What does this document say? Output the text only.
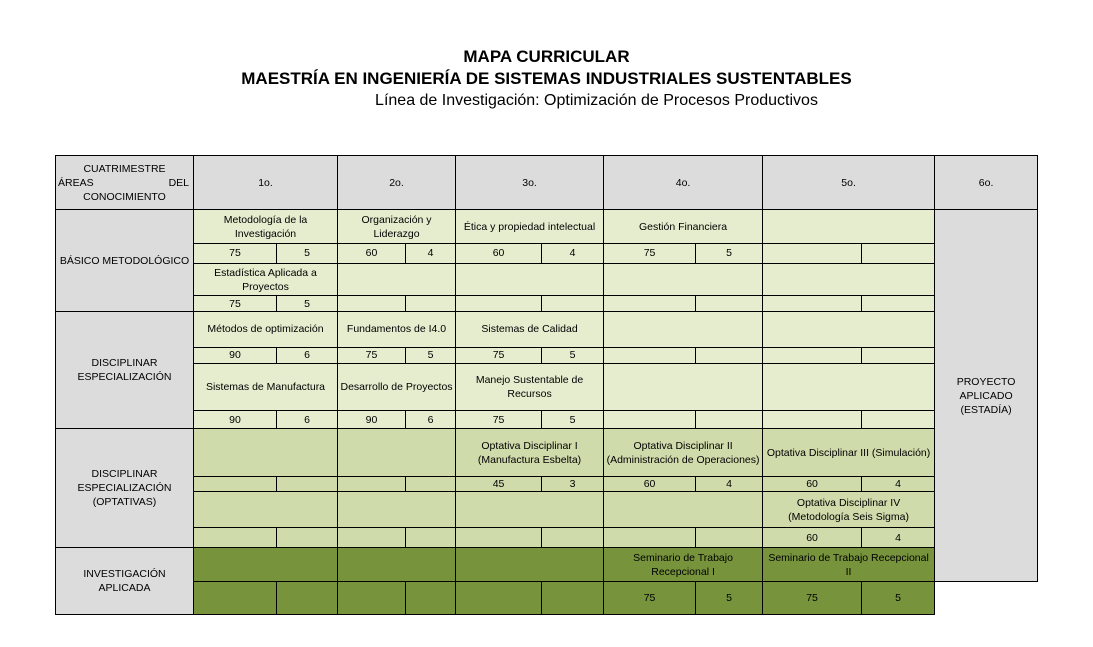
MAPA CURRICULAR
MAESTRÍA EN INGENIERÍA DE SISTEMAS INDUSTRIALES SUSTENTABLES
Línea de Investigación: Optimización de Procesos Productivos
CUATRIMESTRE
ÁREAS DEL
CONOCIMIENTO	1o.		2o.		3o.		4o.		5o.		6o.
BÁSICO METODOLÓGICO	Metodología de la Investigación		Organización y Liderazgo		Ética y propiedad intelectual		Gestión Financiera				PROYECTO APLICADO (ESTADÍA)
	75	5	60	4	60	4	75	5			
	Estadística Aplicada a Proyectos										
	75	5									
DISCIPLINAR ESPECIALIZACIÓN	Métodos de optimización		Fundamentos de I4.0		Sistemas de Calidad						
	90	6	75	5	75	5					
	Sistemas de Manufactura		Desarrollo de Proyectos		Manejo Sustentable de Recursos						
	90	6	90	6	75	5					
DISCIPLINAR ESPECIALIZACIÓN (OPTATIVAS)					Optativa Disciplinar I (Manufactura Esbelta)		Optativa Disciplinar II (Administración de Operaciones)		Optativa Disciplinar III (Simulación)		
					45	3	60	4	60	4	
									Optativa Disciplinar IV (Metodología Seis Sigma)		
									60	4	
INVESTIGACIÓN APLICADA							Seminario de Trabajo Recepcional I		Seminario de Trabajo Recepcional II		
							75	5	75	5	
